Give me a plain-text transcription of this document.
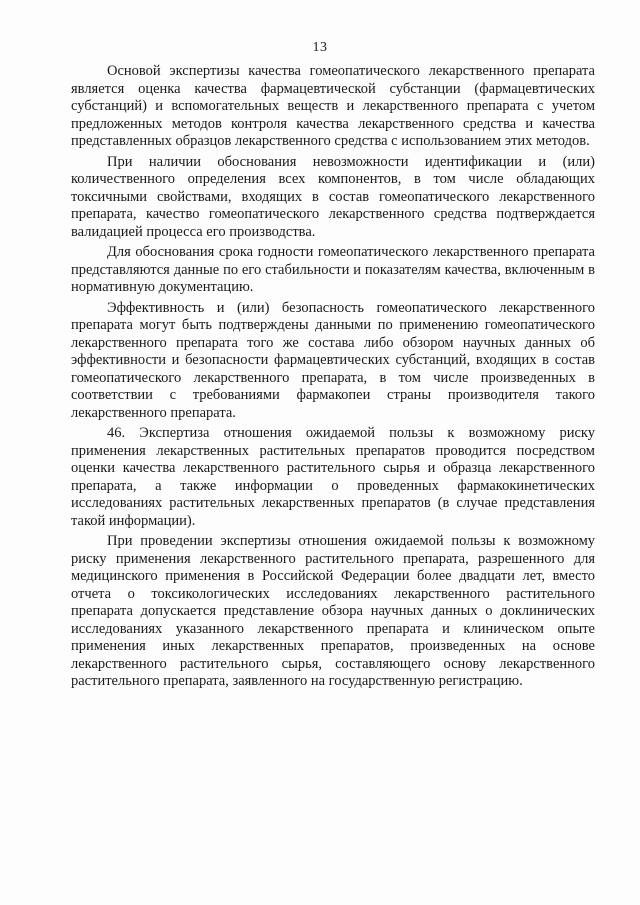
13

Основой экспертизы качества гомеопатического лекарственного препарата является оценка качества фармацевтической субстанции (фармацевтических субстанций) и вспомогательных веществ и лекарственного препарата с учетом предложенных методов контроля качества лекарственного средства и качества представленных образцов лекарственного средства с использованием этих методов.

При наличии обоснования невозможности идентификации и (или) количественного определения всех компонентов, в том числе обладающих токсичными свойствами, входящих в состав гомеопатического лекарственного препарата, качество гомеопатического лекарственного средства подтверждается валидацией процесса его производства.

Для обоснования срока годности гомеопатического лекарственного препарата представляются данные по его стабильности и показателям качества, включенным в нормативную документацию.

Эффективность и (или) безопасность гомеопатического лекарственного препарата могут быть подтверждены данными по применению гомеопатического лекарственного препарата того же состава либо обзором научных данных об эффективности и безопасности фармацевтических субстанций, входящих в состав гомеопатического лекарственного препарата, в том числе произведенных в соответствии с требованиями фармакопеи страны производителя такого лекарственного препарата.

46. Экспертиза отношения ожидаемой пользы к возможному риску применения лекарственных растительных препаратов проводится посредством оценки качества лекарственного растительного сырья и образца лекарственного препарата, а также информации о проведенных фармакокинетических исследованиях растительных лекарственных препаратов (в случае представления такой информации).

При проведении экспертизы отношения ожидаемой пользы к возможному риску применения лекарственного растительного препарата, разрешенного для медицинского применения в Российской Федерации более двадцати лет, вместо отчета о токсикологических исследованиях лекарственного растительного препарата допускается представление обзора научных данных о доклинических исследованиях указанного лекарственного препарата и клиническом опыте применения иных лекарственных препаратов, произведенных на основе лекарственного растительного сырья, составляющего основу лекарственного растительного препарата, заявленного на государственную регистрацию.
